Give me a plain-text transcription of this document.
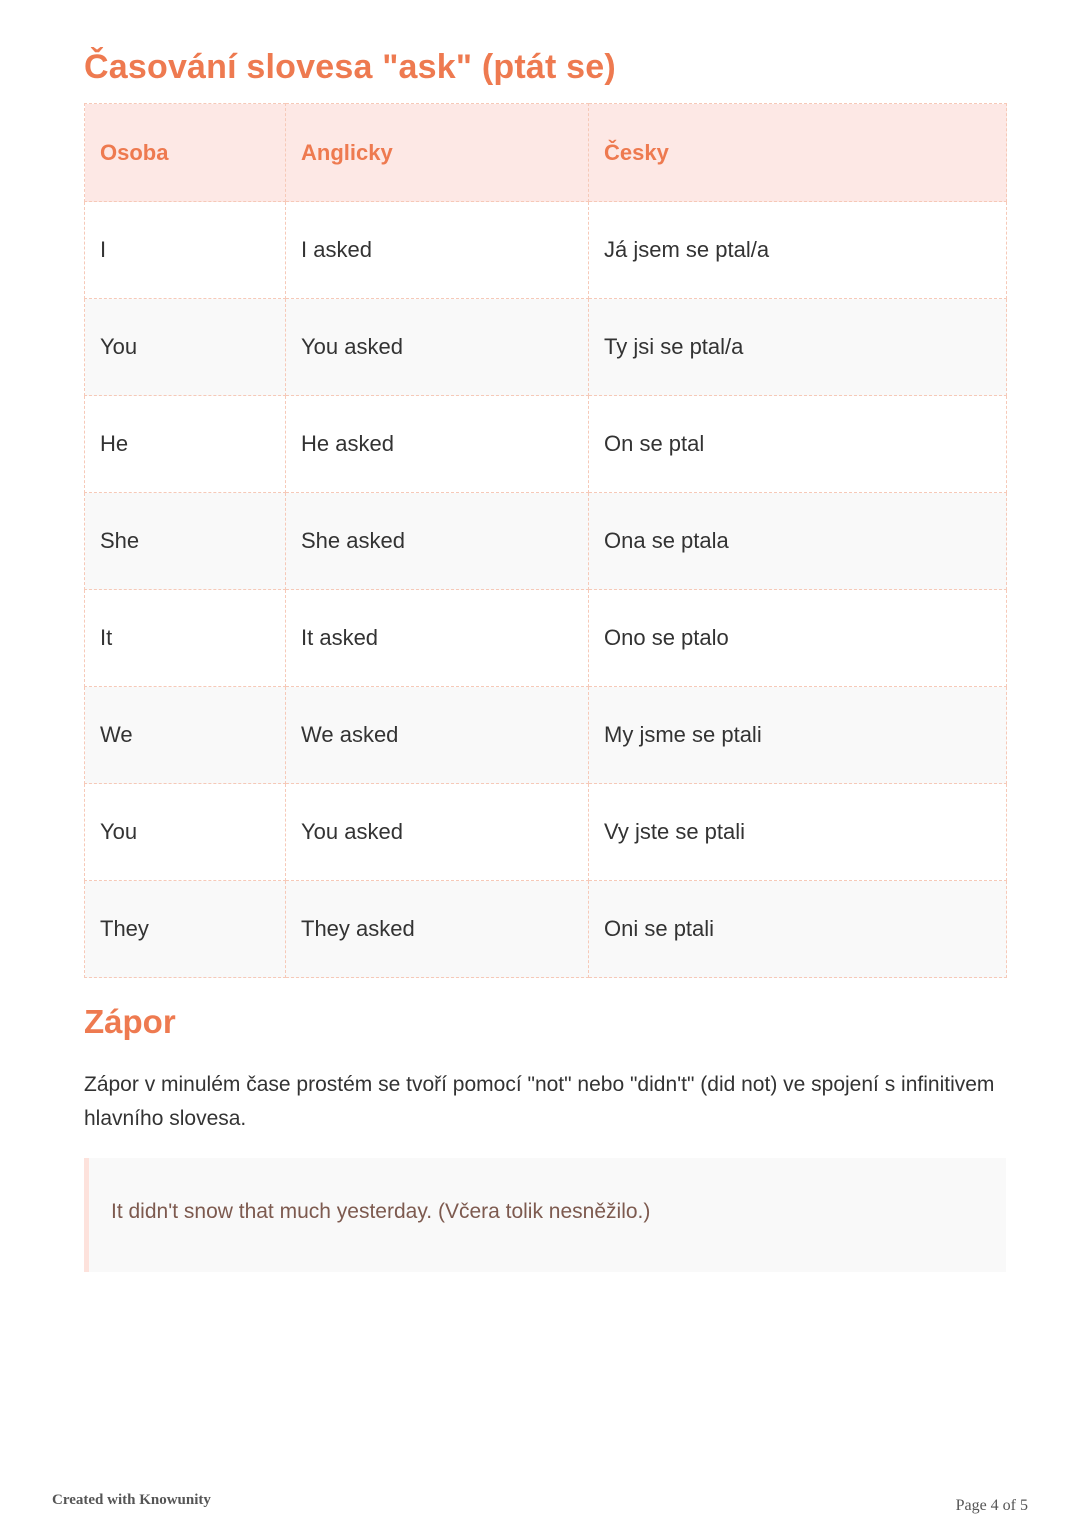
Časování slovesa "ask" (ptát se)
Osoba	Anglicky	Česky
I	I asked	Já jsem se ptal/a
You	You asked	Ty jsi se ptal/a
He	He asked	On se ptal
She	She asked	Ona se ptala
It	It asked	Ono se ptalo
We	We asked	My jsme se ptali
You	You asked	Vy jste se ptali
They	They asked	Oni se ptali
Zápor

Zápor v minulém čase prostém se tvoří pomocí "not" nebo "didn't" (did not) ve spojení s infinitivem hlavního slovesa.

It didn't snow that much yesterday. (Včera tolik nesněžilo.)

Created with Knowunity	Page 4 of 5
